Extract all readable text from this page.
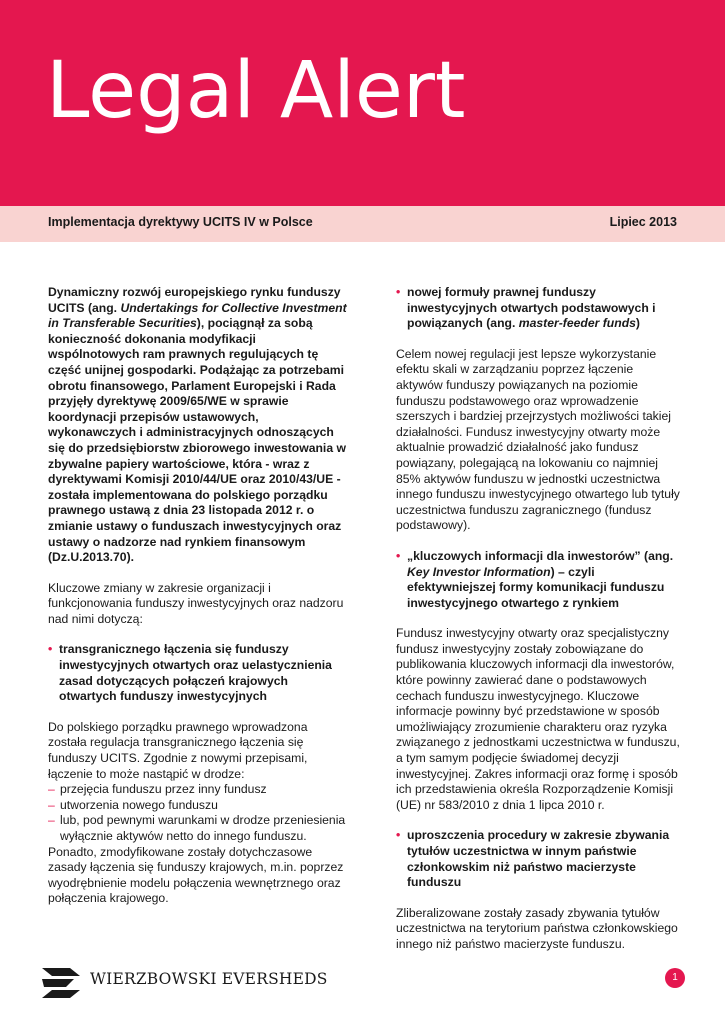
Legal Alert
Implementacja dyrektywy UCITS IV w Polsce	Lipiec 2013

Dynamiczny rozwój europejskiego rynku funduszy UCITS (ang. Undertakings for Collective Investment in Transferable Securities), pociągnął za sobą konieczność dokonania modyfikacji wspólnotowych ram prawnych regulujących tę część unijnej gospodarki. Podążając za potrzebami obrotu finansowego, Parlament Europejski i Rada przyjęły dyrektywę 2009/65/WE w sprawie koordynacji przepisów ustawowych, wykonawczych i administracyjnych odnoszących się do przedsiębiorstw zbiorowego inwestowania w zbywalne papiery wartościowe, która - wraz z dyrektywami Komisji 2010/44/UE oraz 2010/43/UE - została implementowana do polskiego porządku prawnego ustawą z dnia 23 listopada 2012 r. o zmianie ustawy o funduszach inwestycyjnych oraz ustawy o nadzorze nad rynkiem finansowym (Dz.U.2013.70).

Kluczowe zmiany w zakresie organizacji i funkcjonowania funduszy inwestycyjnych oraz nadzoru nad nimi dotyczą:

• transgranicznego łączenia się funduszy inwestycyjnych otwartych oraz uelastycznienia zasad dotyczących połączeń krajowych otwartych funduszy inwestycyjnych

Do polskiego porządku prawnego wprowadzona została regulacja transgranicznego łączenia się funduszy UCITS. Zgodnie z nowymi przepisami, łączenie to może nastąpić w drodze:

– przejęcia funduszu przez inny fundusz
– utworzenia nowego funduszu
– lub, pod pewnymi warunkami w drodze przeniesienia wyłącznie aktywów netto do innego funduszu.

Ponadto, zmodyfikowane zostały dotychczasowe zasady łączenia się funduszy krajowych, m.in. poprzez wyodrębnienie modelu połączenia wewnętrznego oraz połączenia krajowego.

• nowej formuły prawnej funduszy inwestycyjnych otwartych podstawowych i powiązanych (ang. master-feeder funds)

Celem nowej regulacji jest lepsze wykorzystanie efektu skali w zarządzaniu poprzez łączenie aktywów funduszy powiązanych na poziomie funduszu podstawowego oraz wprowadzenie szerszych i bardziej przejrzystych możliwości takiej działalności. Fundusz inwestycyjny otwarty może aktualnie prowadzić działalność jako fundusz powiązany, polegającą na lokowaniu co najmniej 85% aktywów funduszu w jednostki uczestnictwa innego funduszu inwestycyjnego otwartego lub tytuły uczestnictwa funduszu zagranicznego (fundusz podstawowy).

• „kluczowych informacji dla inwestorów” (ang. Key Investor Information) – czyli efektywniejszej formy komunikacji funduszu inwestycyjnego otwartego z rynkiem

Fundusz inwestycyjny otwarty oraz specjalistyczny fundusz inwestycyjny zostały zobowiązane do publikowania kluczowych informacji dla inwestorów, które powinny zawierać dane o podstawowych cechach funduszu inwestycyjnego. Kluczowe informacje powinny być przedstawione w sposób umożliwiający zrozumienie charakteru oraz ryzyka związanego z jednostkami uczestnictwa w funduszu, a tym samym podjęcie świadomej decyzji inwestycyjnej. Zakres informacji oraz formę i sposób ich przedstawienia określa Rozporządzenie Komisji (UE) nr 583/2010 z dnia 1 lipca 2010 r.

• uproszczenia procedury w zakresie zbywania tytułów uczestnictwa w innym państwie członkowskim niż państwo macierzyste funduszu

Zliberalizowane zostały zasady zbywania tytułów uczestnictwa na terytorium państwa członkowskiego innego niż państwo macierzyste funduszu.

WIERZBOWSKI EVERSHEDS	1
